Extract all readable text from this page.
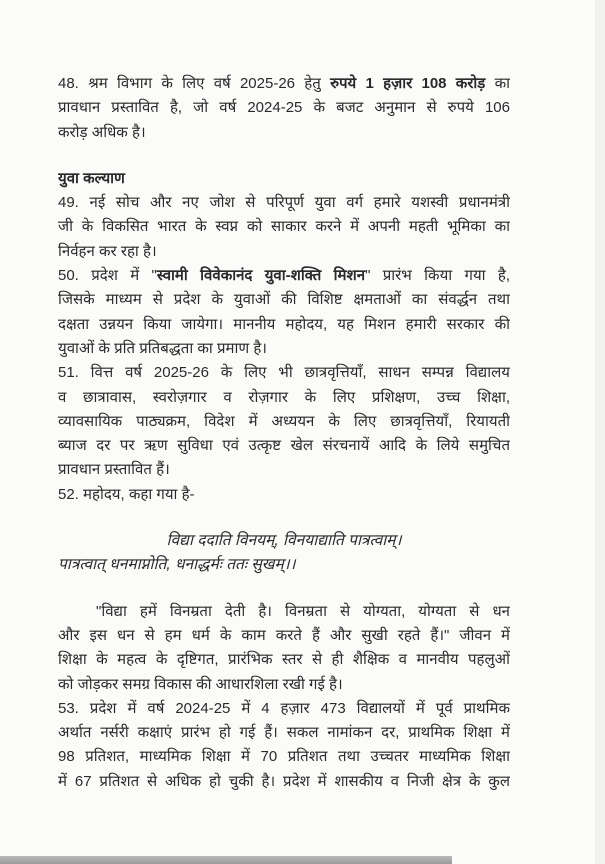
48. श्रम विभाग के लिए वर्ष 2025-26 हेतु रुपये 1 हज़ार 108 करोड़ का
प्रावधान प्रस्तावित है, जो वर्ष 2024-25 के बजट अनुमान से रुपये 106
करोड़ अधिक है।
युवा कल्याण
49. नई सोच और नए जोश से परिपूर्ण युवा वर्ग हमारे यशस्वी प्रधानमंत्री
जी के विकसित भारत के स्वप्न को साकार करने में अपनी महती भूमिका का
निर्वहन कर रहा है।
50. प्रदेश में "स्वामी विवेकानंद युवा-शक्ति मिशन" प्रारंभ किया गया है,
जिसके माध्यम से प्रदेश के युवाओं की विशिष्ट क्षमताओं का संवर्द्धन तथा
दक्षता उन्नयन किया जायेगा। माननीय महोदय, यह मिशन हमारी सरकार की
युवाओं के प्रति प्रतिबद्धता का प्रमाण है।
51. वित्त वर्ष 2025-26 के लिए भी छात्रवृत्तियाँ, साधन सम्पन्न विद्यालय
व छात्रावास, स्वरोज़गार व रोज़गार के लिए प्रशिक्षण, उच्च शिक्षा,
व्यावसायिक पाठ्यक्रम, विदेश में अध्ययन के लिए छात्रवृत्तियाँ, रियायती
ब्याज दर पर ऋण सुविधा एवं उत्कृष्ट खेल संरचनायें आदि के लिये समुचित
प्रावधान प्रस्तावित हैं।
52. महोदय, कहा गया है-
विद्या ददाति विनयम्, विनयाद्याति पात्रत्वाम्।
पात्रत्वात् धनमाप्नोति, धनाद्धर्मः ततः सुखम्।।
"विद्या हमें विनम्रता देती है। विनम्रता से योग्यता, योग्यता से धन
और इस धन से हम धर्म के काम करते हैं और सुखी रहते हैं।" जीवन में
शिक्षा के महत्व के दृष्टिगत, प्रारंभिक स्तर से ही शैक्षिक व मानवीय पहलुओं
को जोड़कर समग्र विकास की आधारशिला रखी गई है।
53. प्रदेश में वर्ष 2024-25 में 4 हज़ार 473 विद्यालयों में पूर्व प्राथमिक
अर्थात नर्सरी कक्षाएं प्रारंभ हो गई हैं। सकल नामांकन दर, प्राथमिक शिक्षा में
98 प्रतिशत, माध्यमिक शिक्षा में 70 प्रतिशत तथा उच्चतर माध्यमिक शिक्षा
में 67 प्रतिशत से अधिक हो चुकी है। प्रदेश में शासकीय व निजी क्षेत्र के कुल
